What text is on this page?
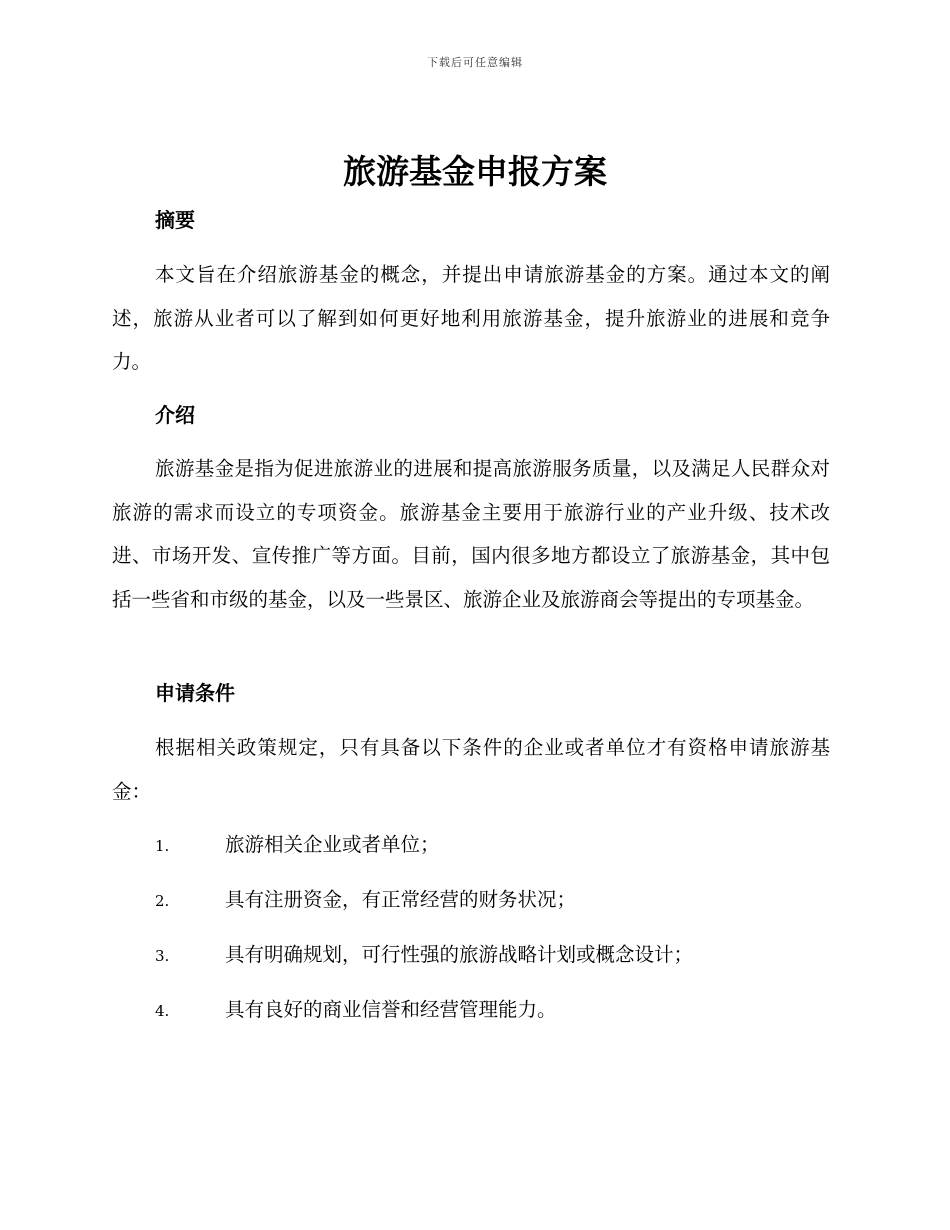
下载后可任意编辑
旅游基金申报方案
摘要

本文旨在介绍旅游基金的概念，并提出申请旅游基金的方案。通过本文的阐述，旅游从业者可以了解到如何更好地利用旅游基金，提升旅游业的进展和竞争力。

介绍

旅游基金是指为促进旅游业的进展和提高旅游服务质量，以及满足人民群众对旅游的需求而设立的专项资金。旅游基金主要用于旅游行业的产业升级、技术改进、市场开发、宣传推广等方面。目前，国内很多地方都设立了旅游基金，其中包括一些省和市级的基金，以及一些景区、旅游企业及旅游商会等提出的专项基金。

申请条件

根据相关政策规定，只有具备以下条件的企业或者单位才有资格申请旅游基金：

1.	旅游相关企业或者单位；
2.	具有注册资金，有正常经营的财务状况；
3.	具有明确规划，可行性强的旅游战略计划或概念设计；
4.	具有良好的商业信誉和经营管理能力。
